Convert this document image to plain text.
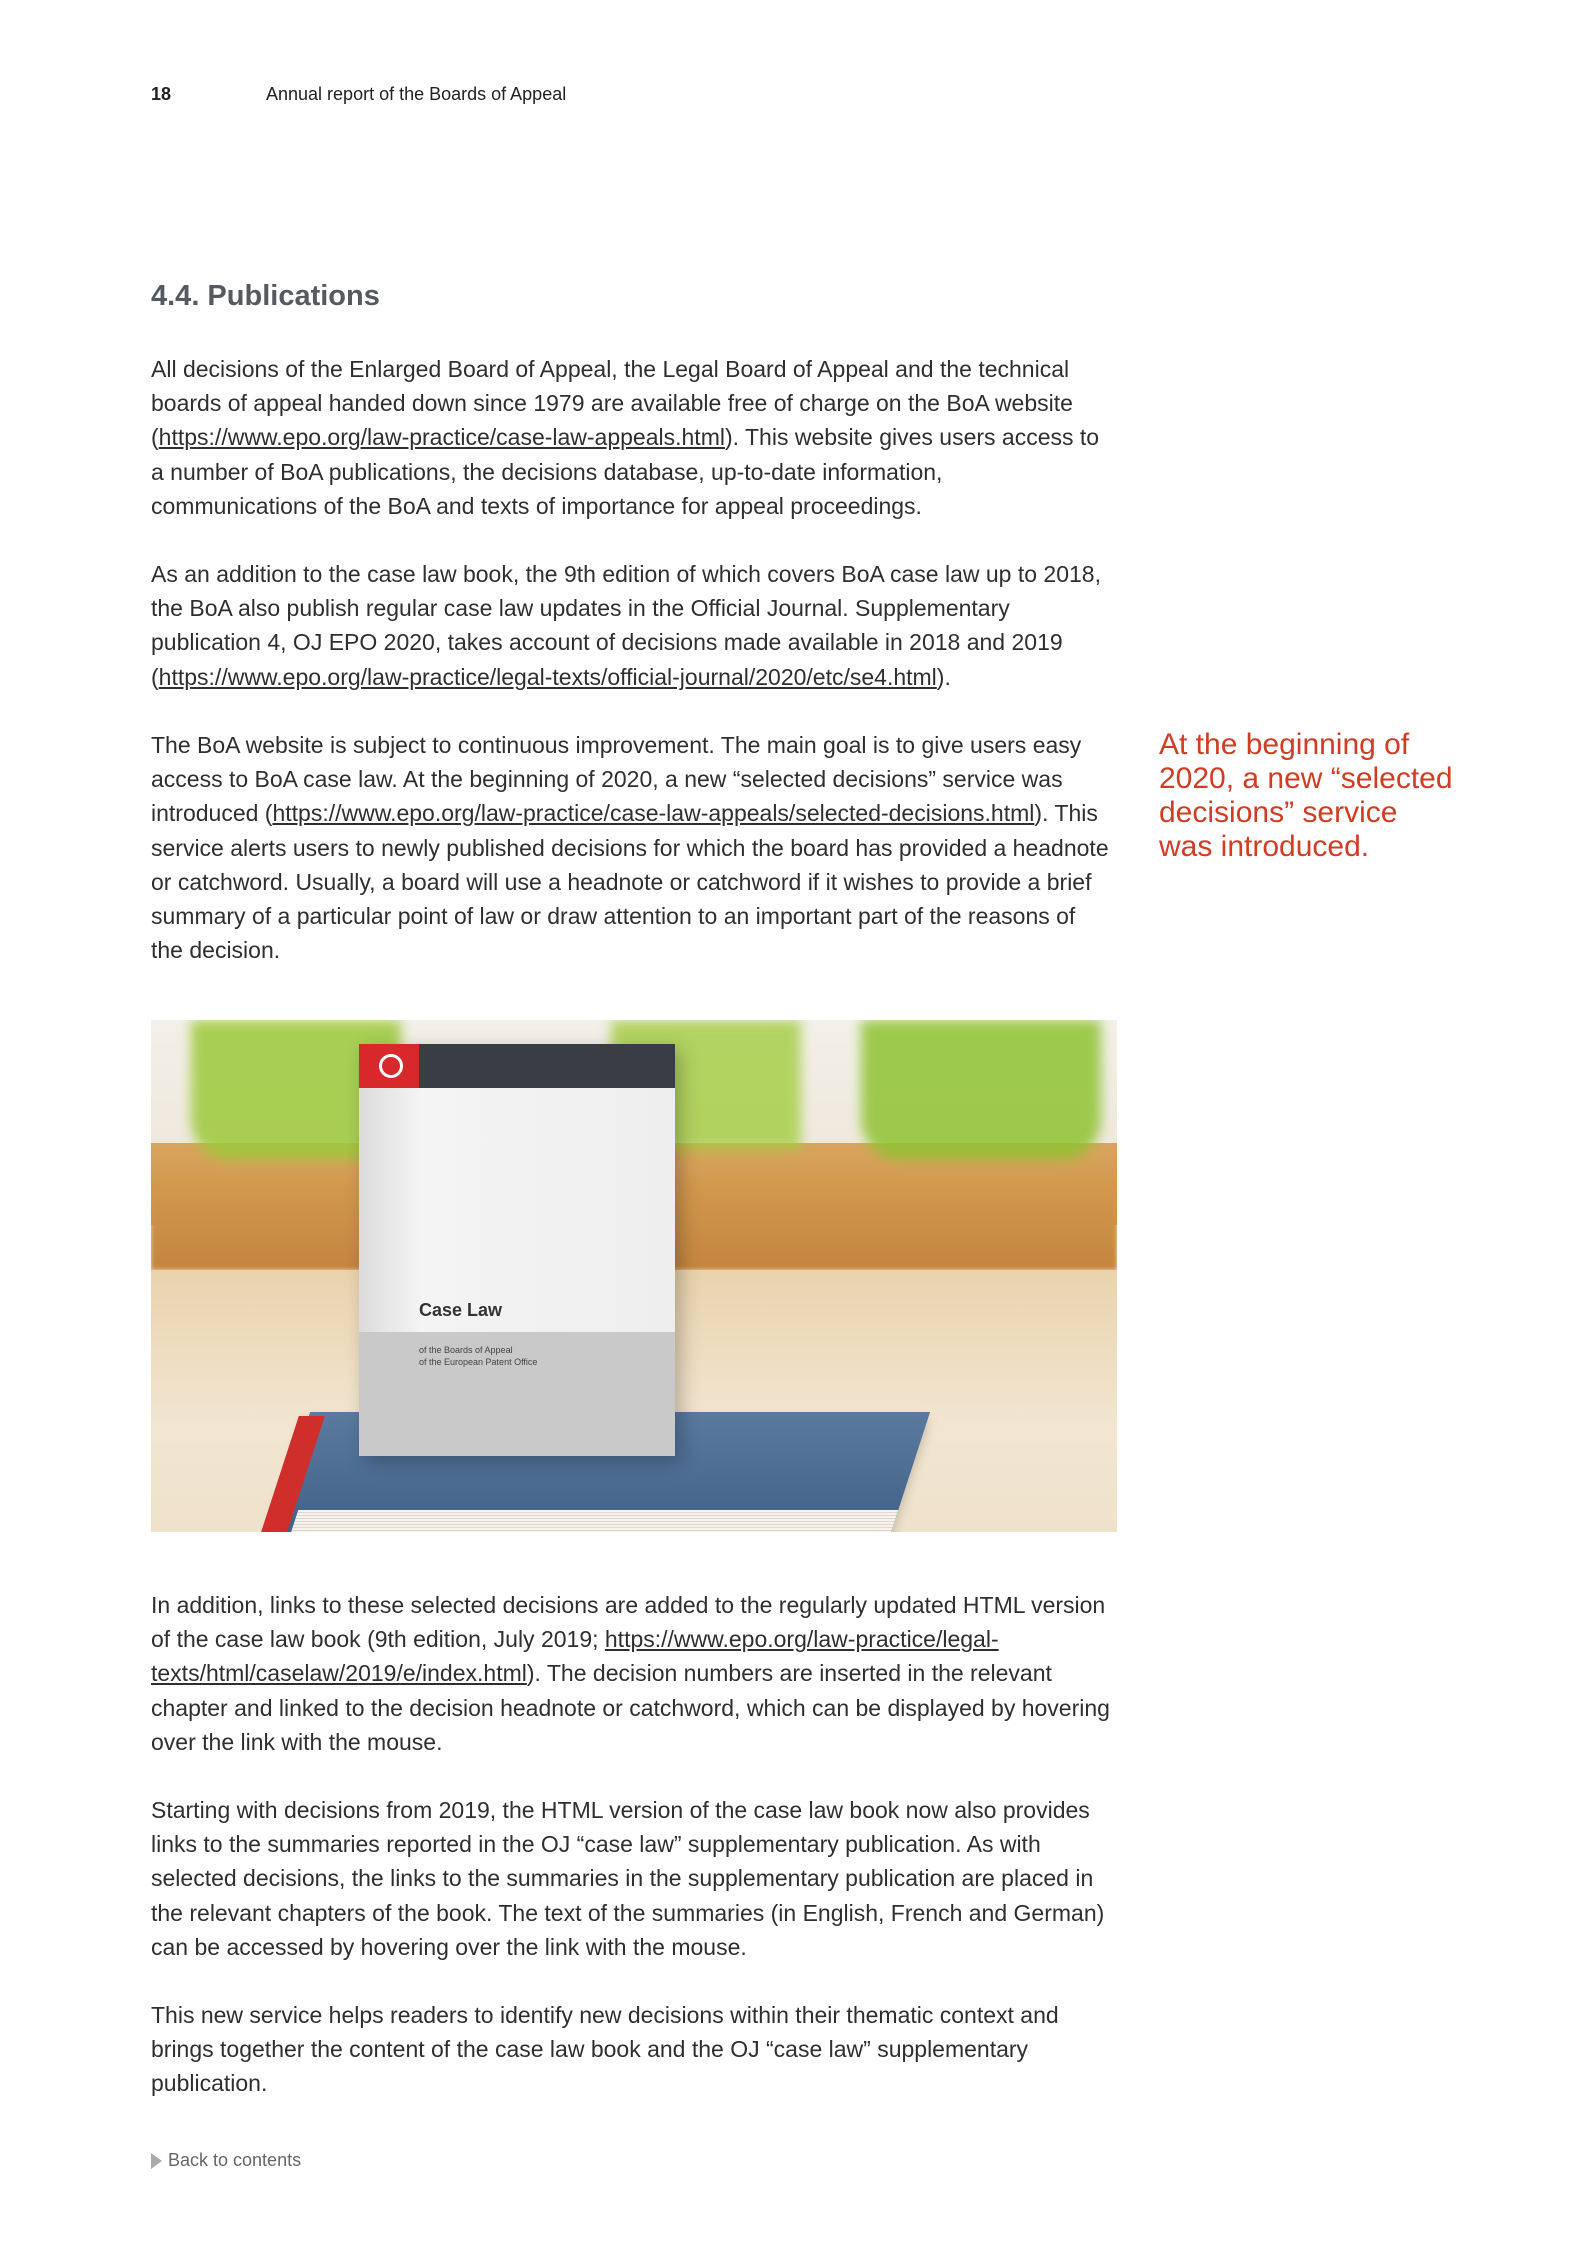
18	Annual report of the Boards of Appeal
4.4. Publications

All decisions of the Enlarged Board of Appeal, the Legal Board of Appeal and the technical boards of appeal handed down since 1979 are available free of charge on the BoA website (https://www.epo.org/law-practice/case-law-appeals.html). This website gives users access to a number of BoA publications, the decisions database, up-to-date information, communications of the BoA and texts of importance for appeal proceedings.

As an addition to the case law book, the 9th edition of which covers BoA case law up to 2018, the BoA also publish regular case law updates in the Official Journal. Supplementary publication 4, OJ EPO 2020, takes account of decisions made available in 2018 and 2019 (https://www.epo.org/law-practice/legal-texts/official-journal/2020/etc/se4.html).

The BoA website is subject to continuous improvement. The main goal is to give users easy access to BoA case law. At the beginning of 2020, a new “selected decisions” service was introduced (https://www.epo.org/law-practice/case-law-appeals/selected-decisions.html). This service alerts users to newly published decisions for which the board has provided a headnote or catchword. Usually, a board will use a headnote or catchword if it wishes to provide a brief summary of a particular point of law or draw attention to an important part of the reasons of the decision.

At the beginning of 2020, a new “selected decisions” service was introduced.

Case Law
of the Boards of Appeal
of the European Patent Office

In addition, links to these selected decisions are added to the regularly updated HTML version of the case law book (9th edition, July 2019; https://www.epo.org/law-practice/legal-texts/html/caselaw/2019/e/index.html). The decision numbers are inserted in the relevant chapter and linked to the decision headnote or catchword, which can be displayed by hovering over the link with the mouse.

Starting with decisions from 2019, the HTML version of the case law book now also provides links to the summaries reported in the OJ “case law” supplementary publication. As with selected decisions, the links to the summaries in the supplementary publication are placed in the relevant chapters of the book. The text of the summaries (in English, French and German) can be accessed by hovering over the link with the mouse.

This new service helps readers to identify new decisions within their thematic context and brings together the content of the case law book and the OJ “case law” supplementary publication.

Back to contents
